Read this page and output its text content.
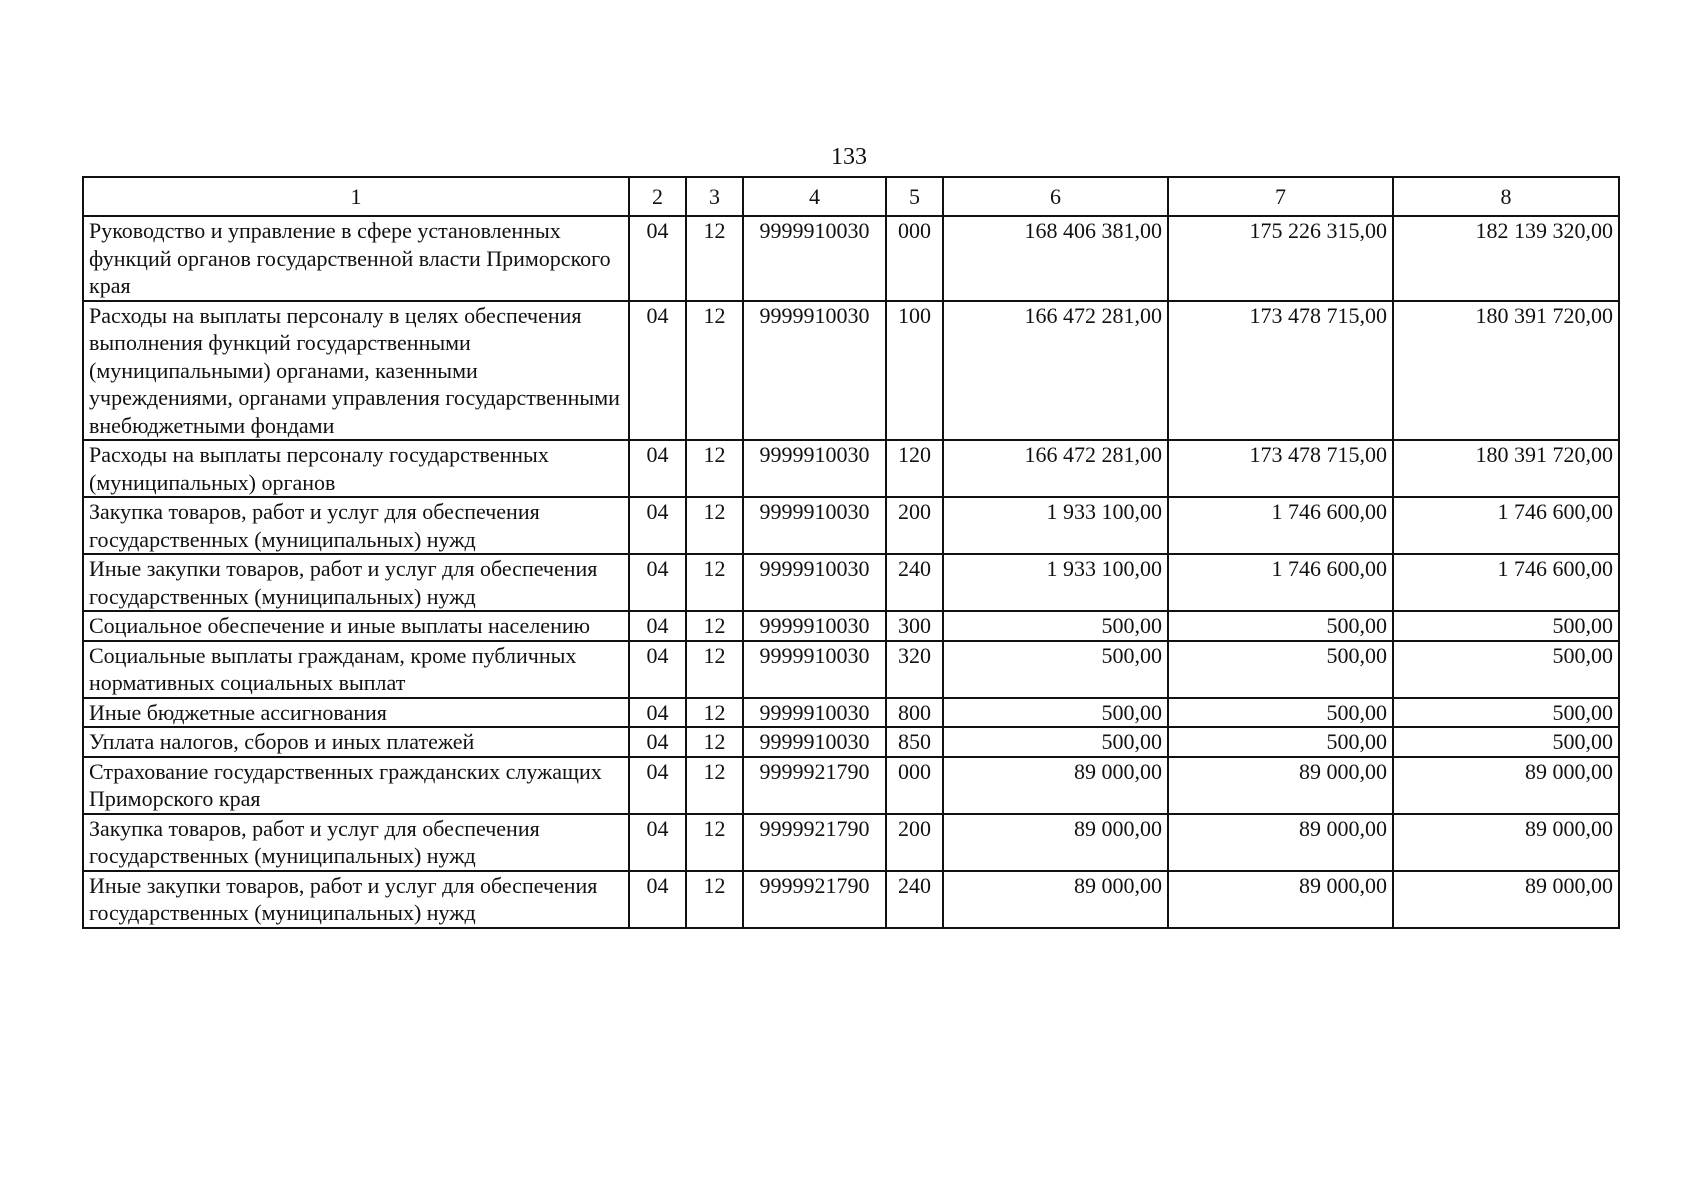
133
1	2	3	4	5	6	7	8
Руководство и управление в сфере установленных функций органов государственной власти Приморского края	04	12	9999910030	000	168 406 381,00	175 226 315,00	182 139 320,00
Расходы на выплаты персоналу в целях обеспечения выполнения функций государственными (муниципальными) органами, казенными учреждениями, органами управления государственными внебюджетными фондами	04	12	9999910030	100	166 472 281,00	173 478 715,00	180 391 720,00
Расходы на выплаты персоналу государственных (муниципальных) органов	04	12	9999910030	120	166 472 281,00	173 478 715,00	180 391 720,00
Закупка товаров, работ и услуг для обеспечения государственных (муниципальных) нужд	04	12	9999910030	200	1 933 100,00	1 746 600,00	1 746 600,00
Иные закупки товаров, работ и услуг для обеспечения государственных (муниципальных) нужд	04	12	9999910030	240	1 933 100,00	1 746 600,00	1 746 600,00
Социальное обеспечение и иные выплаты населению	04	12	9999910030	300	500,00	500,00	500,00
Социальные выплаты гражданам, кроме публичных нормативных социальных выплат	04	12	9999910030	320	500,00	500,00	500,00
Иные бюджетные ассигнования	04	12	9999910030	800	500,00	500,00	500,00
Уплата налогов, сборов и иных платежей	04	12	9999910030	850	500,00	500,00	500,00
Страхование государственных гражданских служащих Приморского края	04	12	9999921790	000	89 000,00	89 000,00	89 000,00
Закупка товаров, работ и услуг для обеспечения государственных (муниципальных) нужд	04	12	9999921790	200	89 000,00	89 000,00	89 000,00
Иные закупки товаров, работ и услуг для обеспечения государственных (муниципальных) нужд	04	12	9999921790	240	89 000,00	89 000,00	89 000,00
